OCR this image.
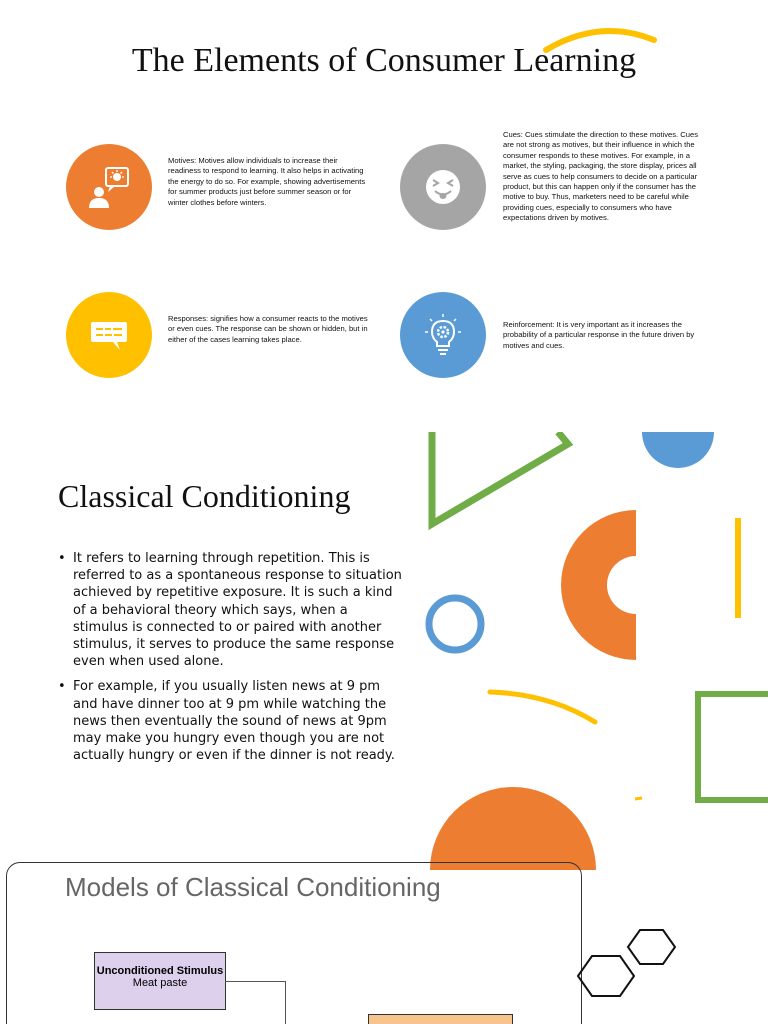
The Elements of Consumer Learning
Motives: Motives allow individuals to increase their readiness to respond to learning. It also helps in activating the energy to do so. For example, showing advertisements for summer products just before summer season or for winter clothes before winters.
Cues: Cues stimulate the direction to these motives. Cues are not strong as motives, but their influence in which the consumer responds to these motives. For example, in a market, the styling, packaging, the store display, prices all serve as cues to help consumers to decide on a particular product, but this can happen only if the consumer has the motive to buy. Thus, marketers need to be careful while providing cues, especially to consumers who have expectations driven by motives.
Responses: signifies how a consumer reacts to the motives or even cues. The response can be shown or hidden, but in either of the cases learning takes place.
Reinforcement: It is very important as it increases the probability of a particular response in the future driven by motives and cues.
Classical Conditioning
• It refers to learning through repetition. This is referred to as a spontaneous response to situation achieved by repetitive exposure. It is such a kind of a behavioral theory which says, when a stimulus is connected to or paired with another stimulus, it serves to produce the same response even when used alone.
• For example, if you usually listen news at 9 pm and have dinner too at 9 pm while watching the news then eventually the sound of news at 9pm may make you hungry even though you are not actually hungry or even if the dinner is not ready.
Models of Classical Conditioning
Unconditioned Stimulus
Meat paste
